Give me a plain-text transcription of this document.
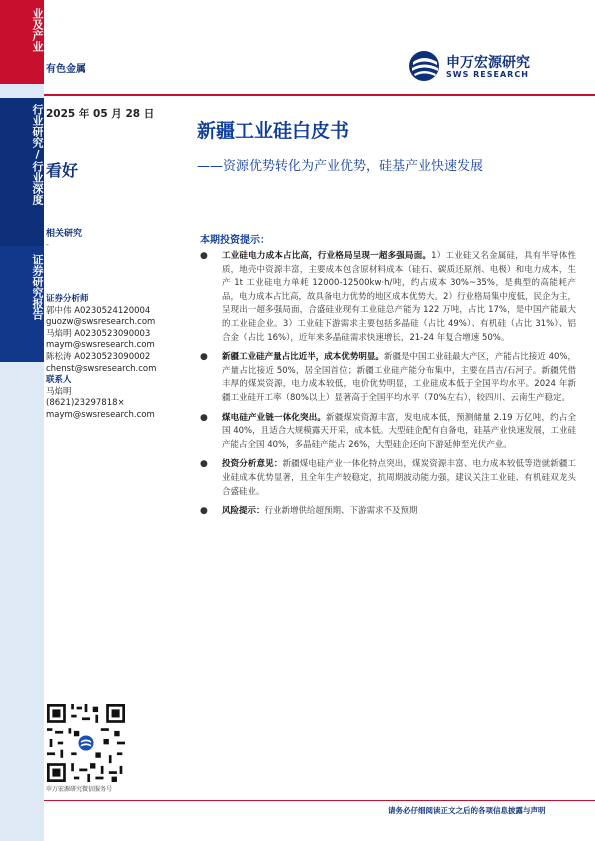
业及产业
行业研究/行业深度
证券研究报告
有色金属	申万宏源研究
SWS RESEARCH
2025 年 05 月 28 日
看好
相关研究
-
证券分析师
郭中伟 A0230524120004
guozw@swsresearch.com
马焰明 A0230523090003
maym@swsresearch.com
陈松涛 A0230523090002
chenst@swsresearch.com
联系人
马焰明
(8621)23297818×
maym@swsresearch.com
新疆工业硅白皮书
——资源优势转化为产业优势，硅基产业快速发展
本期投资提示：
● 工业硅电力成本占比高，行业格局呈现一超多强局面。1）工业硅又名金属硅，具有半导体性质，地壳中资源丰富，主要成本包含原材料成本（硅石、碳质还原剂、电极）和电力成本，生产 1t 工业硅电力单耗 12000-12500kw·h/吨，约占成本 30%~35%，是典型的高能耗产品，电力成本占比高，故具备电力优势的地区成本优势大。2）行业格局集中度低，民企为主，呈现出一超多强局面，合盛硅业现有工业硅总产能为 122 万吨，占比 17%，是中国产能最大的工业硅企业。3）工业硅下游需求主要包括多晶硅（占比 49%）、有机硅（占比 31%）、铝合金（占比 16%），近年来多晶硅需求快速增长，21-24 年复合增速 50%。
● 新疆工业硅产量占比近半，成本优势明显。新疆是中国工业硅最大产区，产能占比接近 40%，产量占比接近 50%，居全国首位；新疆工业硅产能分布集中，主要在昌吉/石河子。新疆凭借丰厚的煤炭资源，电力成本较低，电价优势明显，工业硅成本低于全国平均水平。2024 年新疆工业硅开工率（80%以上）显著高于全国平均水平（70%左右），较四川、云南生产稳定。
● 煤电硅产业链一体化突出。新疆煤炭资源丰富，发电成本低，预测储量 2.19 万亿吨，约占全国 40%，且适合大规模露天开采，成本低。大型硅企配有自备电，硅基产业快速发展，工业硅产能占全国 40%，多晶硅产能占 26%，大型硅企还向下游延伸至光伏产业。
● 投资分析意见：新疆煤电硅产业一体化特点突出，煤炭资源丰富、电力成本较低等造就新疆工业硅成本优势显著，且全年生产较稳定，抗周期波动能力强，建议关注工业硅、有机硅双龙头合盛硅业。
● 风险提示：行业新增供给超预期、下游需求不及预期
申万宏源研究微信服务号
请务必仔细阅读正文之后的各项信息披露与声明
